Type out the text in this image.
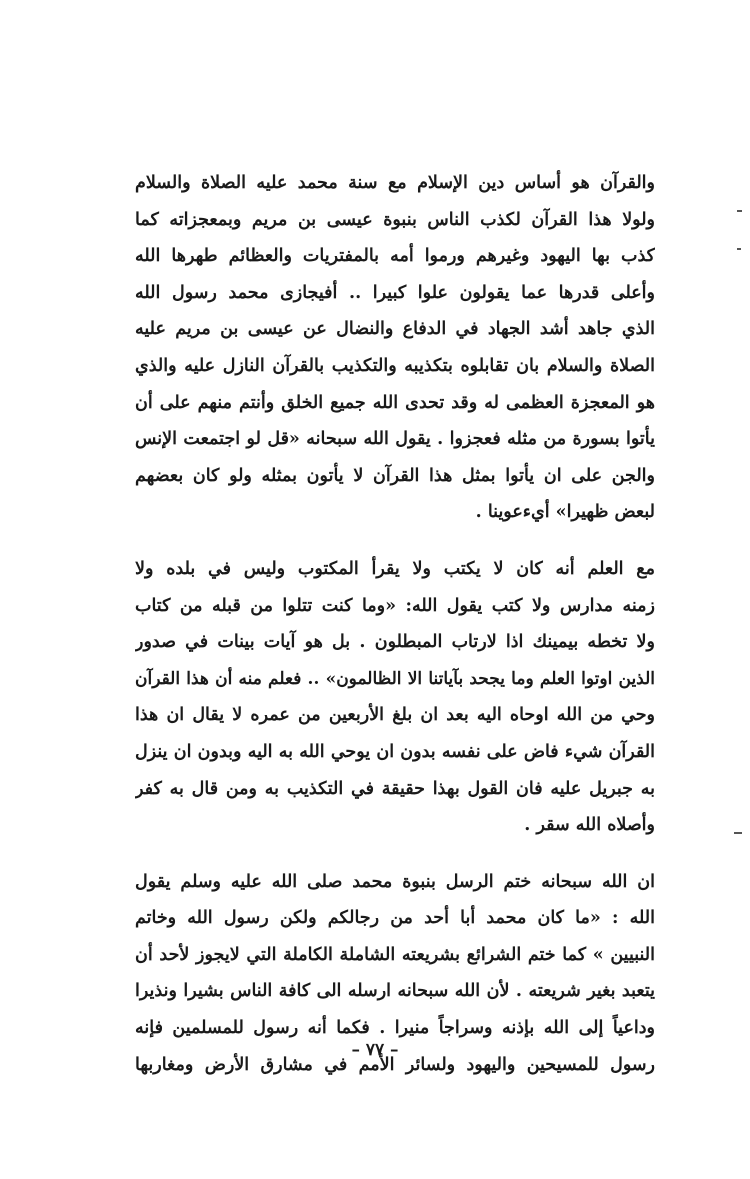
والقرآن هو أساس دين الإسلام مع سنة محمد عليه الصلاة والسلام
ولولا هذا القرآن لكذب الناس بنبوة عيسى بن مريم وبمعجزاته كما
كذب بها اليهود وغيرهم ورموا أمه بالمفتريات والعظائم طهرها الله
وأعلى قدرها عما يقولون علوا كبيرا .. أفيجازى محمد رسول الله
الذي جاهد أشد الجهاد في الدفاع والنضال عن عيسى بن مريم عليه
الصلاة والسلام بان تقابلوه بتكذيبه والتكذيب بالقرآن النازل عليه والذي
هو المعجزة العظمى له وقد تحدى الله جميع الخلق وأنتم منهم على أن
يأتوا بسورة من مثله فعجزوا . يقول الله سبحانه «قل لو اجتمعت الإنس
والجن على ان يأتوا بمثل هذا القرآن لا يأتون بمثله ولو كان بعضهم
لبعض ظهيرا» أيءعوينا .
مع العلم أنه كان لا يكتب ولا يقرأ المكتوب وليس في بلده ولا
زمنه مدارس ولا كتب يقول الله: «وما كنت تتلوا من قبله من كتاب
ولا تخطه بيمينك اذا لارتاب المبطلون . بل هو آيات بينات في صدور
الذين اوتوا العلم وما يجحد بآياتنا الا الظالمون» .. فعلم منه أن هذا القرآن
وحي من الله اوحاه اليه بعد ان بلغ الأربعين من عمره لا يقال ان هذا
القرآن شيء فاض على نفسه بدون ان يوحي الله به اليه وبدون ان ينزل
به جبريل عليه فان القول بهذا حقيقة في التكذيب به ومن قال به كفر
وأصلاه الله سقر .
ان الله سبحانه ختم الرسل بنبوة محمد صلى الله عليه وسلم يقول
الله : «ما كان محمد أبا أحد من رجالكم ولكن رسول الله وخاتم
النبيين » كما ختم الشرائع بشريعته الشاملة الكاملة التي لايجوز لأحد أن
يتعبد بغير شريعته . لأن الله سبحانه ارسله الى كافة الناس بشيرا ونذيرا
وداعياً إلى الله بإذنه وسراجاً منيرا . فكما أنه رسول للمسلمين فإنه
رسول للمسيحين واليهود ولسائر الأمم في مشارق الأرض ومغاربها
– ٧٧ –
